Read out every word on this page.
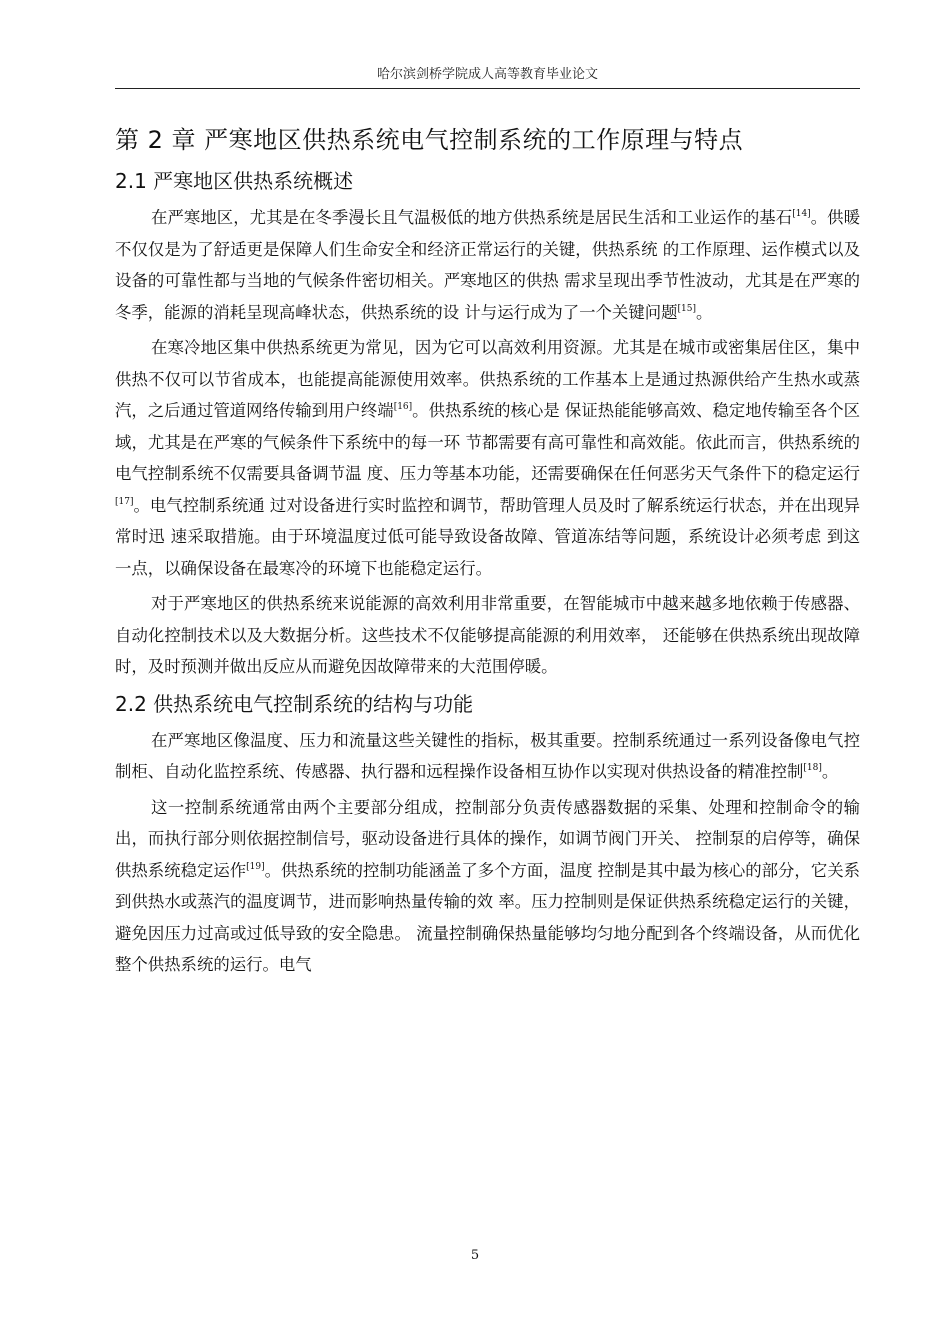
哈尔滨剑桥学院成人高等教育毕业论文
第 2 章 严寒地区供热系统电气控制系统的工作原理与特点
2.1 严寒地区供热系统概述

在严寒地区，尤其是在冬季漫长且气温极低的地方供热系统是居民生活和工业运作的基石[14]。供暖不仅仅是为了舒适更是保障人们生命安全和经济正常运行的关键，供热系统 的工作原理、运作模式以及设备的可靠性都与当地的气候条件密切相关。严寒地区的供热 需求呈现出季节性波动，尤其是在严寒的冬季，能源的消耗呈现高峰状态，供热系统的设 计与运行成为了一个关键问题[15]。

在寒冷地区集中供热系统更为常见，因为它可以高效利用资源。尤其是在城市或密集居住区，集中供热不仅可以节省成本，也能提高能源使用效率。供热系统的工作基本上是通过热源供给产生热水或蒸汽，之后通过管道网络传输到用户终端[16]。供热系统的核心是 保证热能能够高效、稳定地传输至各个区域，尤其是在严寒的气候条件下系统中的每一环 节都需要有高可靠性和高效能。依此而言，供热系统的电气控制系统不仅需要具备调节温 度、压力等基本功能，还需要确保在任何恶劣天气条件下的稳定运行[17]。电气控制系统通 过对设备进行实时监控和调节，帮助管理人员及时了解系统运行状态，并在出现异常时迅 速采取措施。由于环境温度过低可能导致设备故障、管道冻结等问题，系统设计必须考虑 到这一点，以确保设备在最寒冷的环境下也能稳定运行。

对于严寒地区的供热系统来说能源的高效利用非常重要，在智能城市中越来越多地依赖于传感器、 自动化控制技术以及大数据分析。这些技术不仅能够提高能源的利用效率， 还能够在供热系统出现故障时，及时预测并做出反应从而避免因故障带来的大范围停暖。

2.2 供热系统电气控制系统的结构与功能

在严寒地区像温度、压力和流量这些关键性的指标，极其重要。控制系统通过一系列设备像电气控制柜、自动化监控系统、传感器、执行器和远程操作设备相互协作以实现对供热设备的精准控制[18]。

这一控制系统通常由两个主要部分组成，控制部分负责传感器数据的采集、处理和控制命令的输出，而执行部分则依据控制信号，驱动设备进行具体的操作，如调节阀门开关、 控制泵的启停等，确保供热系统稳定运作[19]。供热系统的控制功能涵盖了多个方面，温度 控制是其中最为核心的部分，它关系到供热水或蒸汽的温度调节，进而影响热量传输的效 率。压力控制则是保证供热系统稳定运行的关键，避免因压力过高或过低导致的安全隐患。 流量控制确保热量能够均匀地分配到各个终端设备，从而优化整个供热系统的运行。电气

5
